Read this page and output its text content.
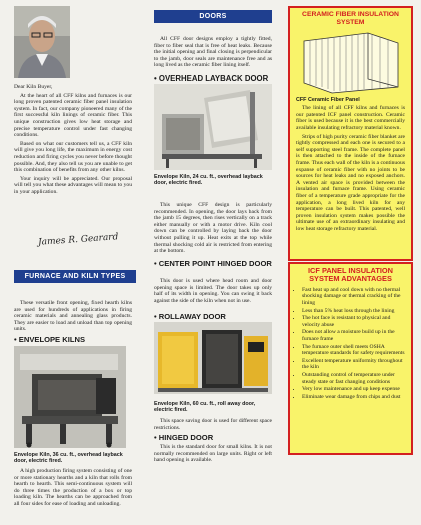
Dear Kiln Buyer,

At the heart of all CFF kilns and furnaces is our long proven patented ceramic fiber panel insulation system. In fact, our company pioneered many of the first successful kiln linings of ceramic fiber. This unique construction gives low heat storage and precise temperature control under fast changing conditions.

Based on what our customers tell us, a CFF kiln will give you long life, the maximum in energy cost reduction and firing cycles you never before thought possible. And, they also tell us you are unable to get this combination of benefits from any other kilns.

Your inquiry will be appreciated. Our proposal will tell you what these advantages will mean to you in your application.

James R. Gearard
FURNACE AND KILN TYPES

These versatile front opening, fixed hearth kilns are used for hundreds of applications in firing ceramic materials and annealing glass products. They are easier to load and unload than top opening units.

• ENVELOPE KILNS
Envelope Kiln, 36 cu. ft., overhead layback door, electric fired.

A high production firing system consisting of one or more stationary hearths and a kiln that rolls from hearth to hearth. This semi-continuous system will do three times the production of a box or top loading kiln. The hearths can be approached from all four sides for ease of loading and unloading.

DOORS

All CFF door designs employ a tightly fitted, fiber to fiber seal that is free of heat leaks. Because the initial opening and final closing is perpendicular to the jamb, door seals are maintenance free and as long lived as the ceramic fiber lining itself.

• OVERHEAD LAYBACK DOOR
Envelope Kiln, 24 cu. ft., overhead layback door, electric fired.

This unique CFF design is particularly recommended. In opening, the door lays back from the jamb 15 degrees, then rises vertically on a track either manually or with a motor drive. Kiln cool down can be controlled by laying back the door without pulling it up. Heat exits at the top while thermal shocking cold air is restricted from entering at the bottom.

• CENTER POINT HINGED DOOR

This door is used where head room and door opening space is limited. The door takes up only half of its width in opening. You can swing it back against the side of the kiln when not in use.

• ROLLAWAY DOOR
Envelope Kiln, 60 cu. ft., roll away door, electric fired.

This space saving door is used for different space restrictions.

• HINGED DOOR

This is the standard door for small kilns. It is not normally recommended on large units. Right or left hand opening is available.

CERAMIC FIBER INSULATION SYSTEM
CFF Ceramic Fiber Panel

The lining of all CFF kilns and furnaces is our patented ICF panel construction. Ceramic fiber is used because it is the best commercially available insulating refractory material known.

Strips of high purity ceramic fiber blanket are tightly compressed and each one is secured to a self supporting steel frame. The complete panel is then attached to the inside of the furnace frame. Thus each wall of the kiln is a continuous expanse of ceramic fiber with no joints to be sources for heat leaks and no exposed anchors. A vented air space is provided between the insulation and furnace frame. Using ceramic fiber of a temperature grade appropriate for the application, a long lived kiln for any temperature can be built. This patented, well proven insulation system makes possible the ultimate use of an extraordinary insulating and low heat storage refractory material.

ICF PANEL INSULATION SYSTEM ADVANTAGES
• Fast heat up and cool down with no thermal shocking damage or thermal cracking of the lining
• Less than 5% heat loss through the lining
• The hot face is resistant to physical and velocity abuse
• Does not allow a moisture build up in the furnace frame
• The furnace outer shell meets OSHA temperature standards for safety requirements
• Excellent temperature uniformity throughout the kiln
• Outstanding control of temperature under steady state or fast changing conditions
• Very low maintenance and up keep expense
• Eliminate wear damage from chips and dust
